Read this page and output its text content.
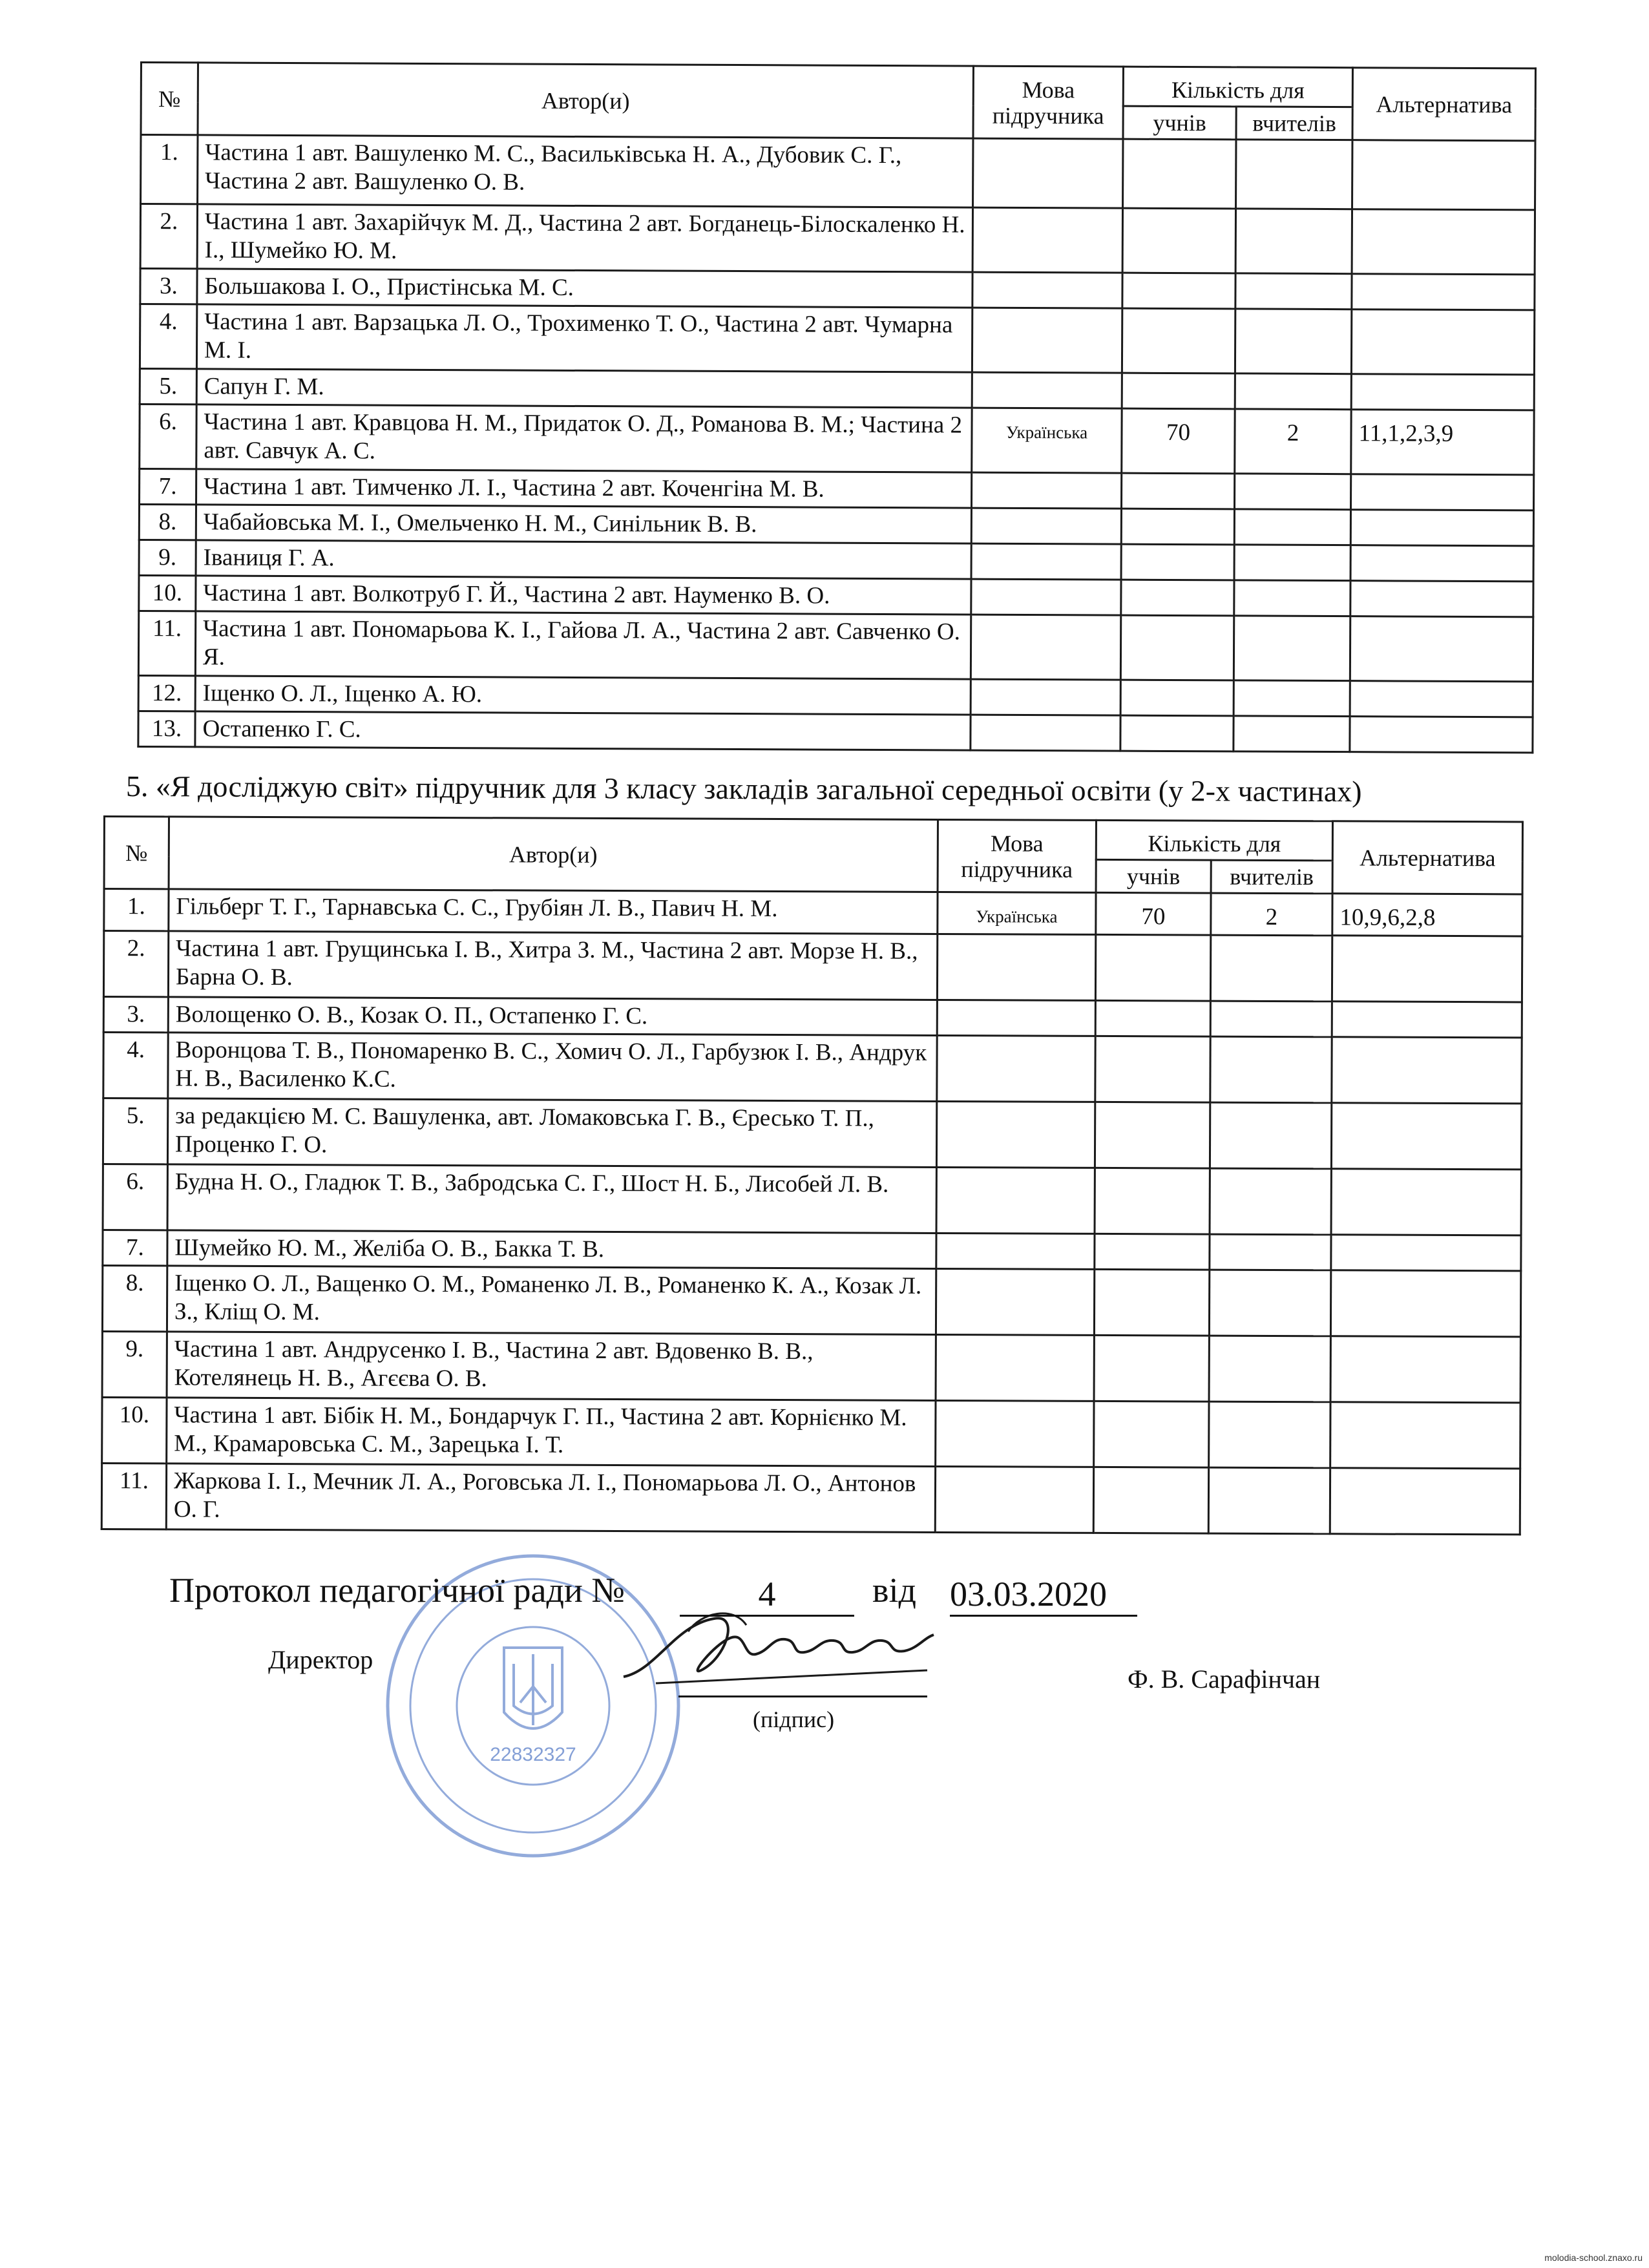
№	Автор(и)	Мова підручника	Кількість для		Альтернатива
			учнів	вчителів	
1.	Частина 1 авт. Вашуленко М. С., Васильківська Н. А., Дубовик С. Г., Частина 2 авт. Вашуленко О. В.				
2.	Частина 1 авт. Захарійчук М. Д., Частина 2 авт. Богданець-Білоскаленко Н. І., Шумейко Ю. М.				
3.	Большакова І. О., Пристінська М. С.				
4.	Частина 1 авт. Варзацька Л. О., Трохименко Т. О., Частина 2 авт. Чумарна М. І.				
5.	Сапун Г. М.				
6.	Частина 1 авт. Кравцова Н. М., Придаток О. Д., Романова В. М.; Частина 2 авт. Савчук А. С.	Українська	70	2	11,1,2,3,9
7.	Частина 1 авт. Тимченко Л. І., Частина 2 авт. Коченгіна М. В.				
8.	Чабайовська М. І., Омельченко Н. М., Синільник В. В.				
9.	Іваниця Г. А.				
10.	Частина 1 авт. Волкотруб Г. Й., Частина 2 авт. Науменко В. О.				
11.	Частина 1 авт. Пономарьова К. І., Гайова Л. А., Частина 2 авт. Савченко О. Я.				
12.	Іщенко О. Л., Іщенко А. Ю.				
13.	Остапенко Г. С.				
5. «Я досліджую світ» підручник для 3 класу закладів загальної середньої освіти (у 2-х частинах)
№	Автор(и)	Мова підручника	Кількість для		Альтернатива
			учнів	вчителів	
1.	Гільберг Т. Г., Тарнавська С. С., Грубіян Л. В., Павич Н. М.	Українська	70	2	10,9,6,2,8
2.	Частина 1 авт. Грущинська І. В., Хитра З. М., Частина 2 авт. Морзе Н. В., Барна О. В.				
3.	Волощенко О. В., Козак О. П., Остапенко Г. С.				
4.	Воронцова Т. В., Пономаренко В. С., Хомич О. Л., Гарбузюк І. В., Андрук Н. В., Василенко К.С.				
5.	за редакцією М. С. Вашуленка, авт. Ломаковська Г. В., Єресько Т. П., Проценко Г. О.				
6.	Будна Н. О., Гладюк Т. В., Забродська С. Г., Шост Н. Б., Лисобей Л. В.				
7.	Шумейко Ю. М., Желіба О. В., Бакка Т. В.				
8.	Іщенко О. Л., Ващенко О. М., Романенко Л. В., Романенко К. А., Козак Л. З., Кліщ О. М.				
9.	Частина 1 авт. Андрусенко І. В., Частина 2 авт. Вдовенко В. В., Котелянець Н. В., Агєєва О. В.				
10.	Частина 1 авт. Бібік Н. М., Бондарчук Г. П., Частина 2 авт. Корнієнко М. М., Крамаровська С. М., Зарецька І. Т.				
11.	Жаркова І. І., Мечник Л. А., Роговська Л. І., Пономарьова Л. О., Антонов О. Г.				
22832327
Протокол педагогічної ради №	4	від 03.03.2020
Директор
(підпис)
Ф. В. Сарафінчан
molodia-school.znaxo.ru
